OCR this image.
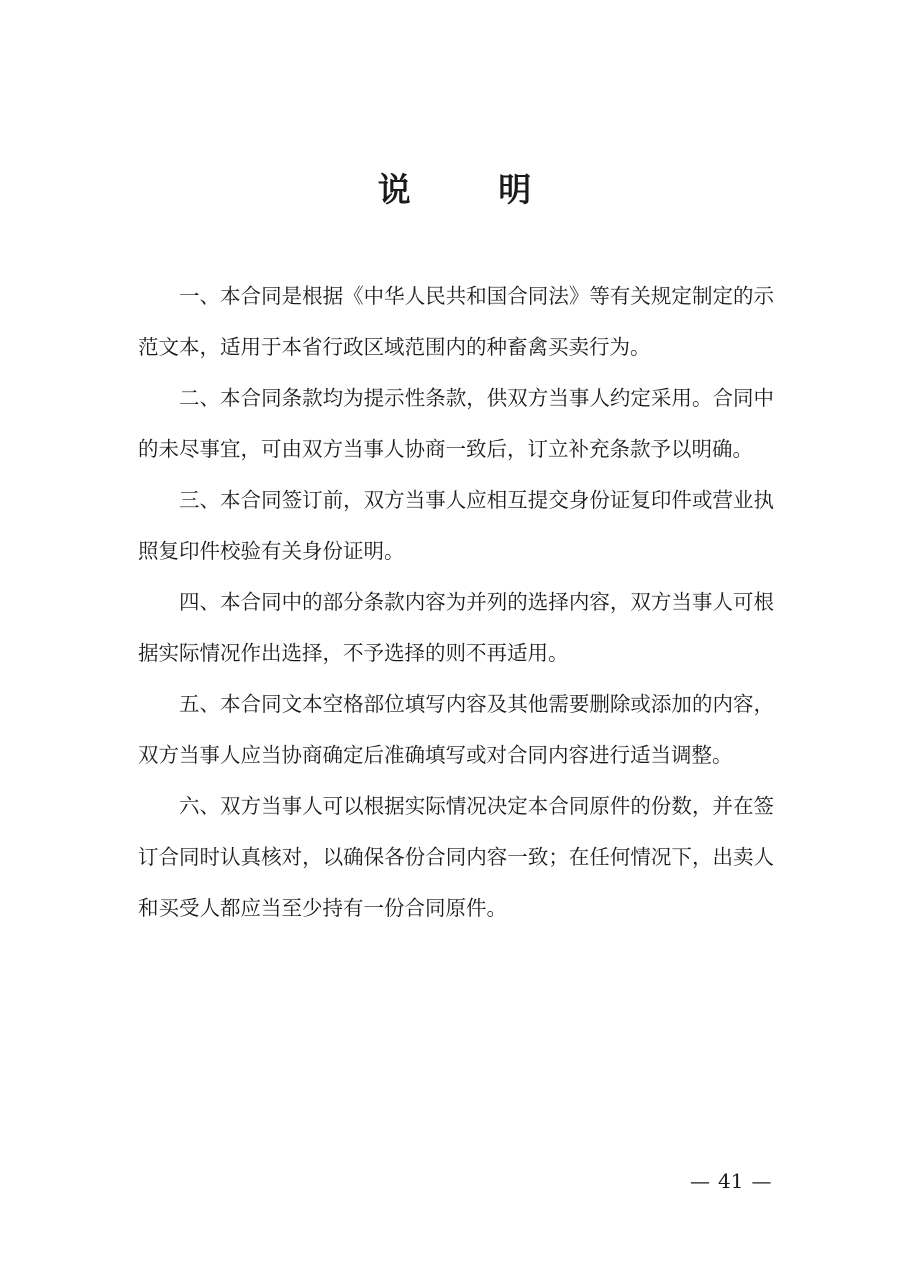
说 明

一、本合同是根据《中华人民共和国合同法》等有关规定制定的示范文本，适用于本省行政区域范围内的种畜禽买卖行为。

二、本合同条款均为提示性条款，供双方当事人约定采用。合同中的未尽事宜，可由双方当事人协商一致后，订立补充条款予以明确。

三、本合同签订前，双方当事人应相互提交身份证复印件或营业执照复印件校验有关身份证明。

四、本合同中的部分条款内容为并列的选择内容，双方当事人可根据实际情况作出选择，不予选择的则不再适用。

五、本合同文本空格部位填写内容及其他需要删除或添加的内容，双方当事人应当协商确定后准确填写或对合同内容进行适当调整。

六、双方当事人可以根据实际情况决定本合同原件的份数，并在签订合同时认真核对，以确保各份合同内容一致；在任何情况下，出卖人和买受人都应当至少持有一份合同原件。

— 41 —
